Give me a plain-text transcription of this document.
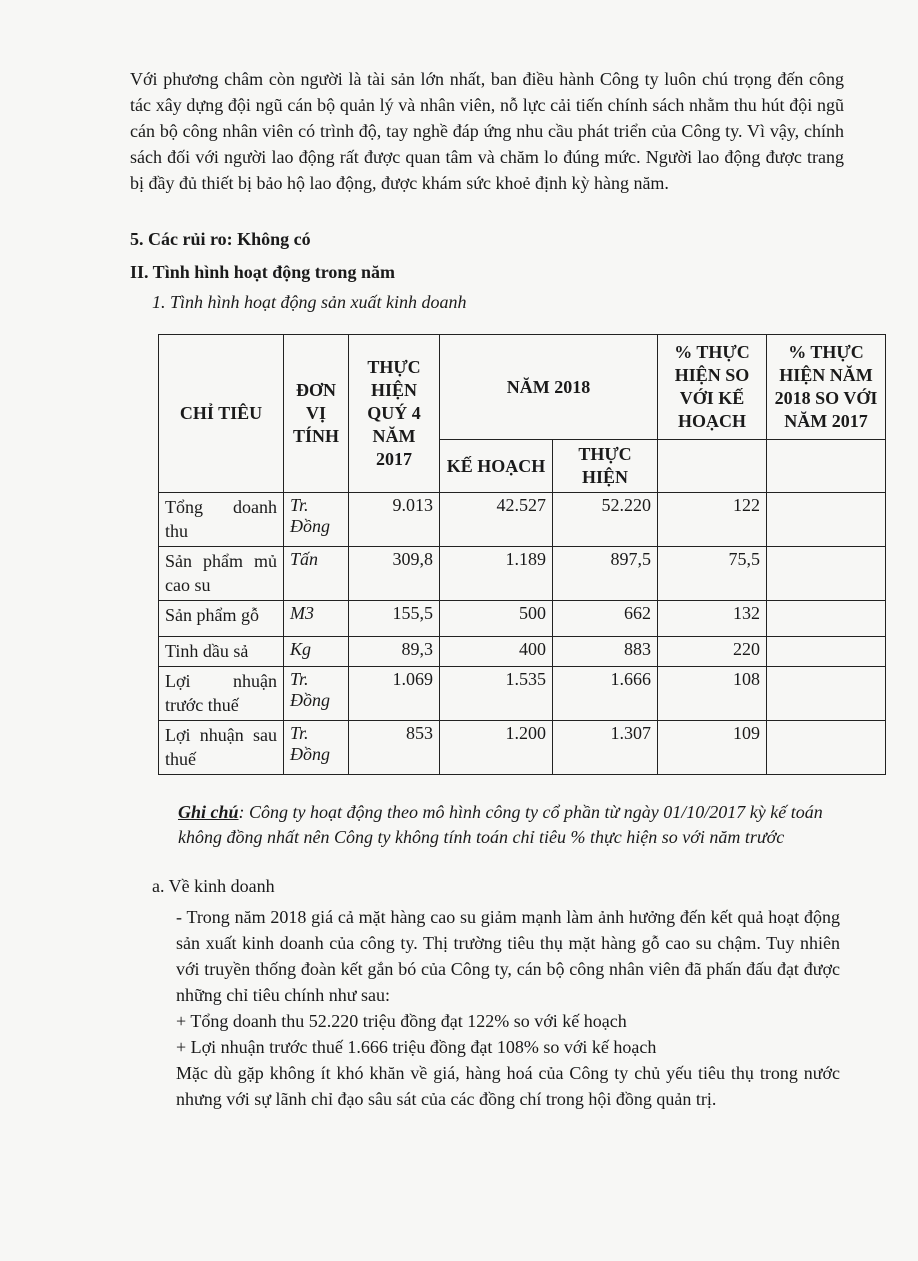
Với phương châm còn người là tài sản lớn nhất, ban điều hành Công ty luôn chú trọng đến công tác xây dựng đội ngũ cán bộ quản lý và nhân viên, nỗ lực cải tiến chính sách nhằm thu hút đội ngũ cán bộ công nhân viên có trình độ, tay nghề đáp ứng nhu cầu phát triển của Công ty. Vì vậy, chính sách đối với người lao động rất được quan tâm và chăm lo đúng mức. Người lao động được trang bị đầy đủ thiết bị bảo hộ lao động, được khám sức khoẻ định kỳ hàng năm.
5. Các rủi ro: Không có
II. Tình hình hoạt động trong năm
1. Tình hình hoạt động sản xuất kinh doanh
CHỈ TIÊU	ĐƠN VỊ TÍNH	THỰC HIỆN QUÝ 4 NĂM 2017	NĂM 2018		% THỰC HIỆN SO VỚI KẾ HOẠCH	% THỰC HIỆN NĂM 2018 SO VỚI NĂM 2017
			KẾ HOẠCH	THỰC HIỆN		
Tổng doanh thu	Tr. Đồng	9.013	42.527	52.220	122	
Sản phẩm mủ cao su	Tấn	309,8	1.189	897,5	75,5	
Sản phẩm gỗ	M3	155,5	500	662	132	
Tinh dầu sả	Kg	89,3	400	883	220	
Lợi nhuận trước thuế	Tr. Đồng	1.069	1.535	1.666	108	
Lợi nhuận sau thuế	Tr. Đồng	853	1.200	1.307	109	
Ghi chú: Công ty hoạt động theo mô hình công ty cổ phần từ ngày 01/10/2017 kỳ kế toán không đồng nhất nên Công ty không tính toán chỉ tiêu % thực hiện so với năm trước
a. Về kinh doanh

- Trong năm 2018 giá cả mặt hàng cao su giảm mạnh làm ảnh hưởng đến kết quả hoạt động sản xuất kinh doanh của công ty. Thị trường tiêu thụ mặt hàng gỗ cao su chậm. Tuy nhiên với truyền thống đoàn kết gắn bó của Công ty, cán bộ công nhân viên đã phấn đấu đạt được những chỉ tiêu chính như sau:

+ Tổng doanh thu 52.220 triệu đồng đạt 122% so với kế hoạch

+ Lợi nhuận trước thuế 1.666 triệu đồng đạt 108% so với kế hoạch

Mặc dù gặp không ít khó khăn về giá, hàng hoá của Công ty chủ yếu tiêu thụ trong nước nhưng với sự lãnh chỉ đạo sâu sát của các đồng chí trong hội đồng quản trị.
